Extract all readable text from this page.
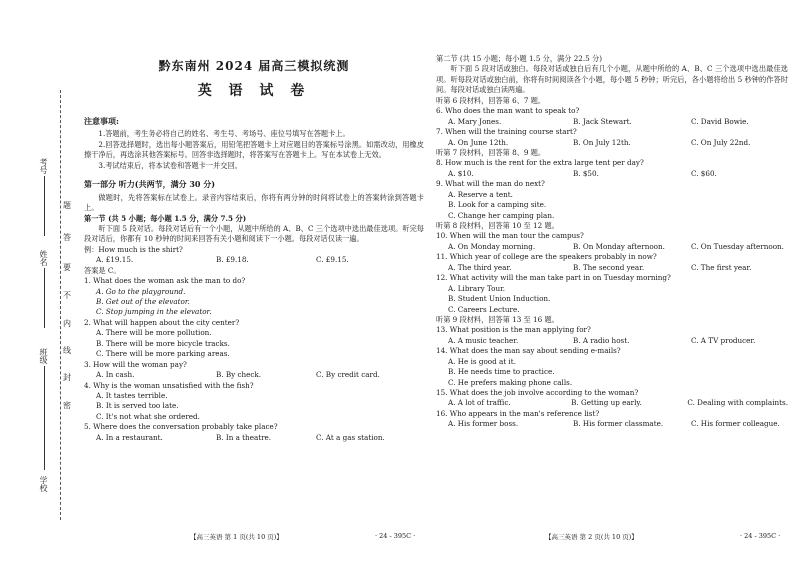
考号
姓名
班级
学校
题
答
要
不
内
线
封
密
黔东南州 2024 届高三模拟统测
英 语 试 卷
注意事项:
1.答题前，考生务必将自己的姓名、考生号、考场号、座位号填写在答题卡上。
2.回答选择题时，选出每小题答案后，用铅笔把答题卡上对应题目的答案标号涂黑。如需改动，用橡皮擦干净后，再选涂其他答案标号。回答非选择题时，将答案写在答题卡上。写在本试卷上无效。
3.考试结束后，将本试卷和答题卡一并交回。
第一部分 听力(共两节，满分 30 分)
做题时，先将答案标在试卷上。录音内容结束后，你将有两分钟的时间将试卷上的答案转涂到答题卡上。
第一节 (共 5 小题；每小题 1.5 分，满分 7.5 分)
听下面 5 段对话。每段对话后有一个小题，从题中所给的 A、B、C 三个选项中选出最佳选项。听完每段对话后，你都有 10 秒钟的时间来回答有关小题和阅读下一小题。每段对话仅读一遍。
例：How much is the shirt?
A. £19.15.	B. £9.18.	C. £9.15.
答案是 C。
1. What does the woman ask the man to do?
A. Go to the playground.
B. Get out of the elevator.
C. Stop jumping in the elevator.
2. What will happen about the city center?
A. There will be more pollution.
B. There will be more bicycle tracks.
C. There will be more parking areas.
3. How will the woman pay?
A. In cash.	B. By check.	C. By credit card.
4. Why is the woman unsatisfied with the fish?
A. It tastes terrible.
B. It is served too late.
C. It's not what she ordered.
5. Where does the conversation probably take place?
A. In a restaurant.	B. In a theatre.	C. At a gas station.
【高三英语 第 1 页(共 10 页)】	· 24 - 395C ·
第二节 (共 15 小题；每小题 1.5 分，满分 22.5 分)
听下面 5 段对话或独白。每段对话或独白后有几个小题，从题中所给的 A、B、C 三个选项中选出最佳选项。听每段对话或独白前，你将有时间阅读各个小题，每小题 5 秒钟；听完后，各小题将给出 5 秒钟的作答时间。每段对话或独白读两遍。
听第 6 段材料，回答第 6、7 题。
6. Who does the man want to speak to?
A. Mary Jones.	B. Jack Stewart.	C. David Bowie.
7. When will the training course start?
A. On June 12th.	B. On July 12th.	C. On July 22nd.
听第 7 段材料，回答第 8、9 题。
8. How much is the rent for the extra large tent per day?
A. $10.	B. $50.	C. $60.
9. What will the man do next?
A. Reserve a tent.
B. Look for a camping site.
C. Change her camping plan.
听第 8 段材料，回答第 10 至 12 题。
10. When will the man tour the campus?
A. On Monday morning.	B. On Monday afternoon.	C. On Tuesday afternoon.
11. Which year of college are the speakers probably in now?
A. The third year.	B. The second year.	C. The first year.
12. What activity will the man take part in on Tuesday morning?
A. Library Tour.
B. Student Union Induction.
C. Careers Lecture.
听第 9 段材料，回答第 13 至 16 题。
13. What position is the man applying for?
A. A music teacher.	B. A radio host.	C. A TV producer.
14. What does the man say about sending e-mails?
A. He is good at it.
B. He needs time to practice.
C. He prefers making phone calls.
15. What does the job involve according to the woman?
A. A lot of traffic.	B. Getting up early.	C. Dealing with complaints.
16. Who appears in the man's reference list?
A. His former boss.	B. His former classmate.	C. His former colleague.
【高三英语 第 2 页(共 10 页)】	· 24 - 395C ·
